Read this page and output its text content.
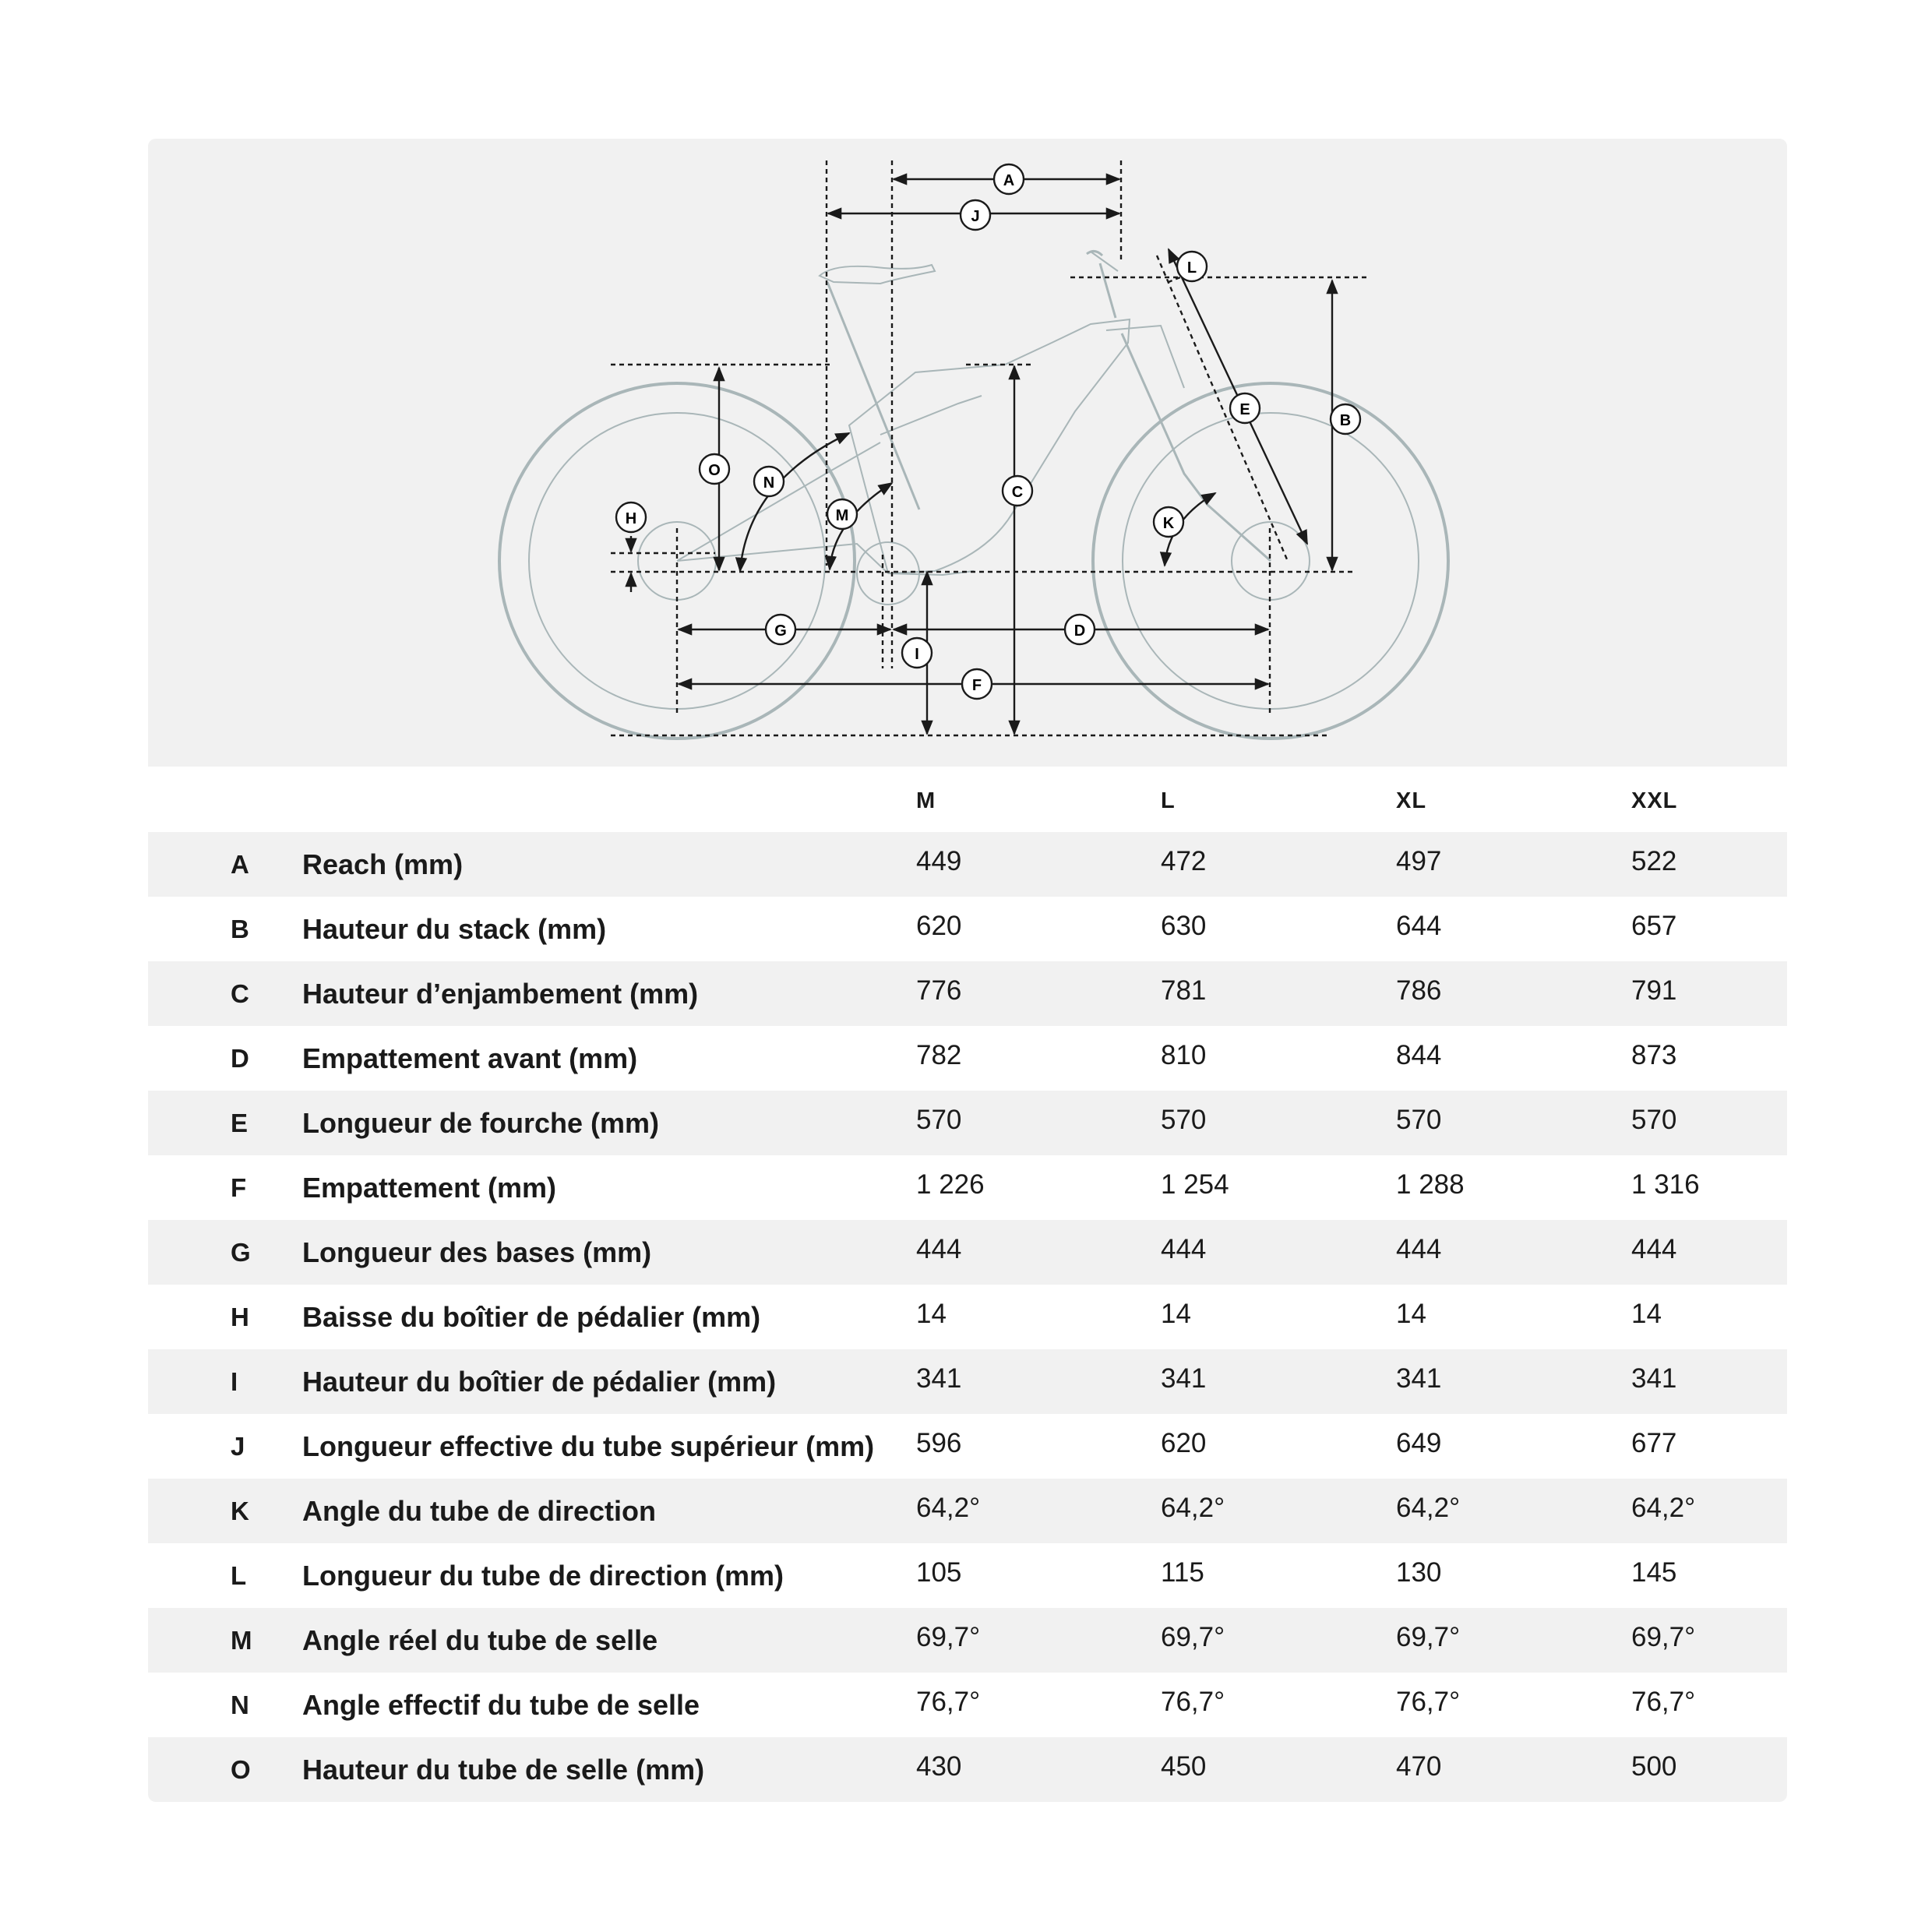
A
B
C
D
E
F
G
H
I
J
K
L
M
N
O
M	L	XL	XXL
A Reach (mm)	449	472	497	522
B Hauteur du stack (mm)	620	630	644	657
C Hauteur d’enjambement (mm)	776	781	786	791
D Empattement avant (mm)	782	810	844	873
E Longueur de fourche (mm)	570	570	570	570
F Empattement (mm)	1 226	1 254	1 288	1 316
G Longueur des bases (mm)	444	444	444	444
H Baisse du boîtier de pédalier (mm)	14	14	14	14
I Hauteur du boîtier de pédalier (mm)	341	341	341	341
J Longueur effective du tube supérieur (mm) 596	620	649	677
K Angle du tube de direction	64,2°	64,2°	64,2°	64,2°
L Longueur du tube de direction (mm)	105	115	130	145
M Angle réel du tube de selle	69,7°	69,7°	69,7°	69,7°
N Angle effectif du tube de selle	76,7°	76,7°	76,7°	76,7°
O Hauteur du tube de selle (mm)	430	450	470	500
